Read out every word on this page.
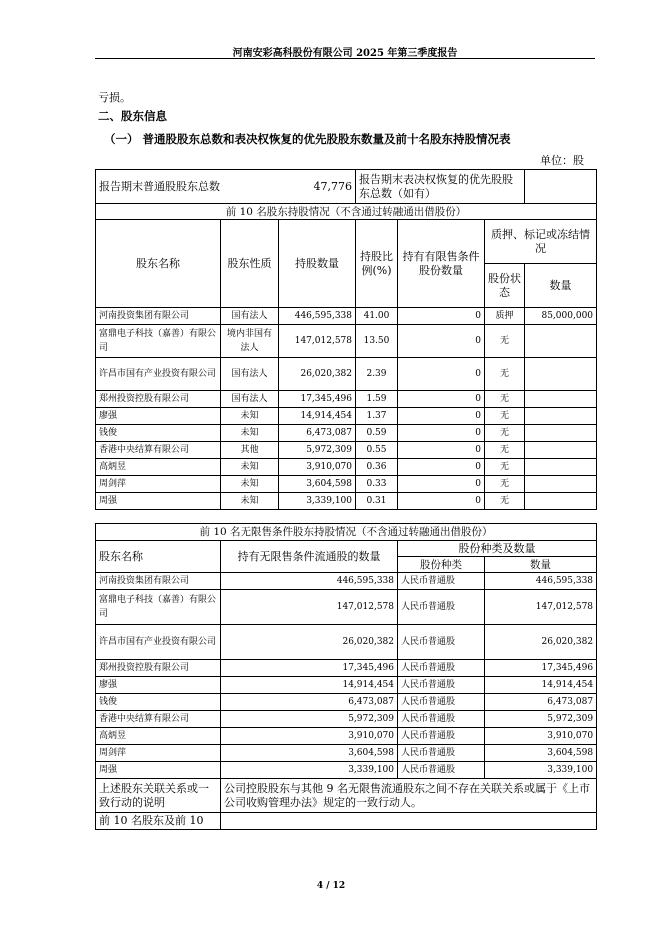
河南安彩高科股份有限公司 2025 年第三季度报告
亏损。
二、股东信息
（一） 普通股股东总数和表决权恢复的优先股股东数量及前十名股东持股情况表
单位：股
报告期末普通股股东总数		47,776	报告期末表决权恢复的优先股股东总数（如有）			
前 10 名股东持股情况（不含通过转融通出借股份）						
股东名称	股东性质	持股数量	持股比例(%)	持有有限售条件股份数量	质押、标记或冻结情况	
					股份状态	数量
河南投资集团有限公司	国有法人	446,595,338	41.00	0	质押	85,000,000
富鼎电子科技（嘉善）有限公司	境内非国有法人	147,012,578	13.50	0	无	
许昌市国有产业投资有限公司	国有法人	26,020,382	2.39	0	无	
郑州投资控股有限公司	国有法人	17,345,496	1.59	0	无	
廖强	未知	14,914,454	1.37	0	无	
钱俊	未知	6,473,087	0.59	0	无	
香港中央结算有限公司	其他	5,972,309	0.55	0	无	
高炳昱	未知	3,910,070	0.36	0	无	
周剑萍	未知	3,604,598	0.33	0	无	
周强	未知	3,339,100	0.31	0	无	
前 10 名无限售条件股东持股情况（不含通过转融通出借股份）			
股东名称	持有无限售条件流通股的数量	股份种类及数量	
		股份种类	数量
河南投资集团有限公司	446,595,338	人民币普通股	446,595,338
富鼎电子科技（嘉善）有限公司	147,012,578	人民币普通股	147,012,578
许昌市国有产业投资有限公司	26,020,382	人民币普通股	26,020,382
郑州投资控股有限公司	17,345,496	人民币普通股	17,345,496
廖强	14,914,454	人民币普通股	14,914,454
钱俊	6,473,087	人民币普通股	6,473,087
香港中央结算有限公司	5,972,309	人民币普通股	5,972,309
高炳昱	3,910,070	人民币普通股	3,910,070
周剑萍	3,604,598	人民币普通股	3,604,598
周强	3,339,100	人民币普通股	3,339,100
上述股东关联关系或一致行动的说明	公司控股股东与其他 9 名无限售流通股东之间不存在关联关系或属于《上市公司收购管理办法》规定的一致行动人。		
前 10 名股东及前 10			
4 / 12
